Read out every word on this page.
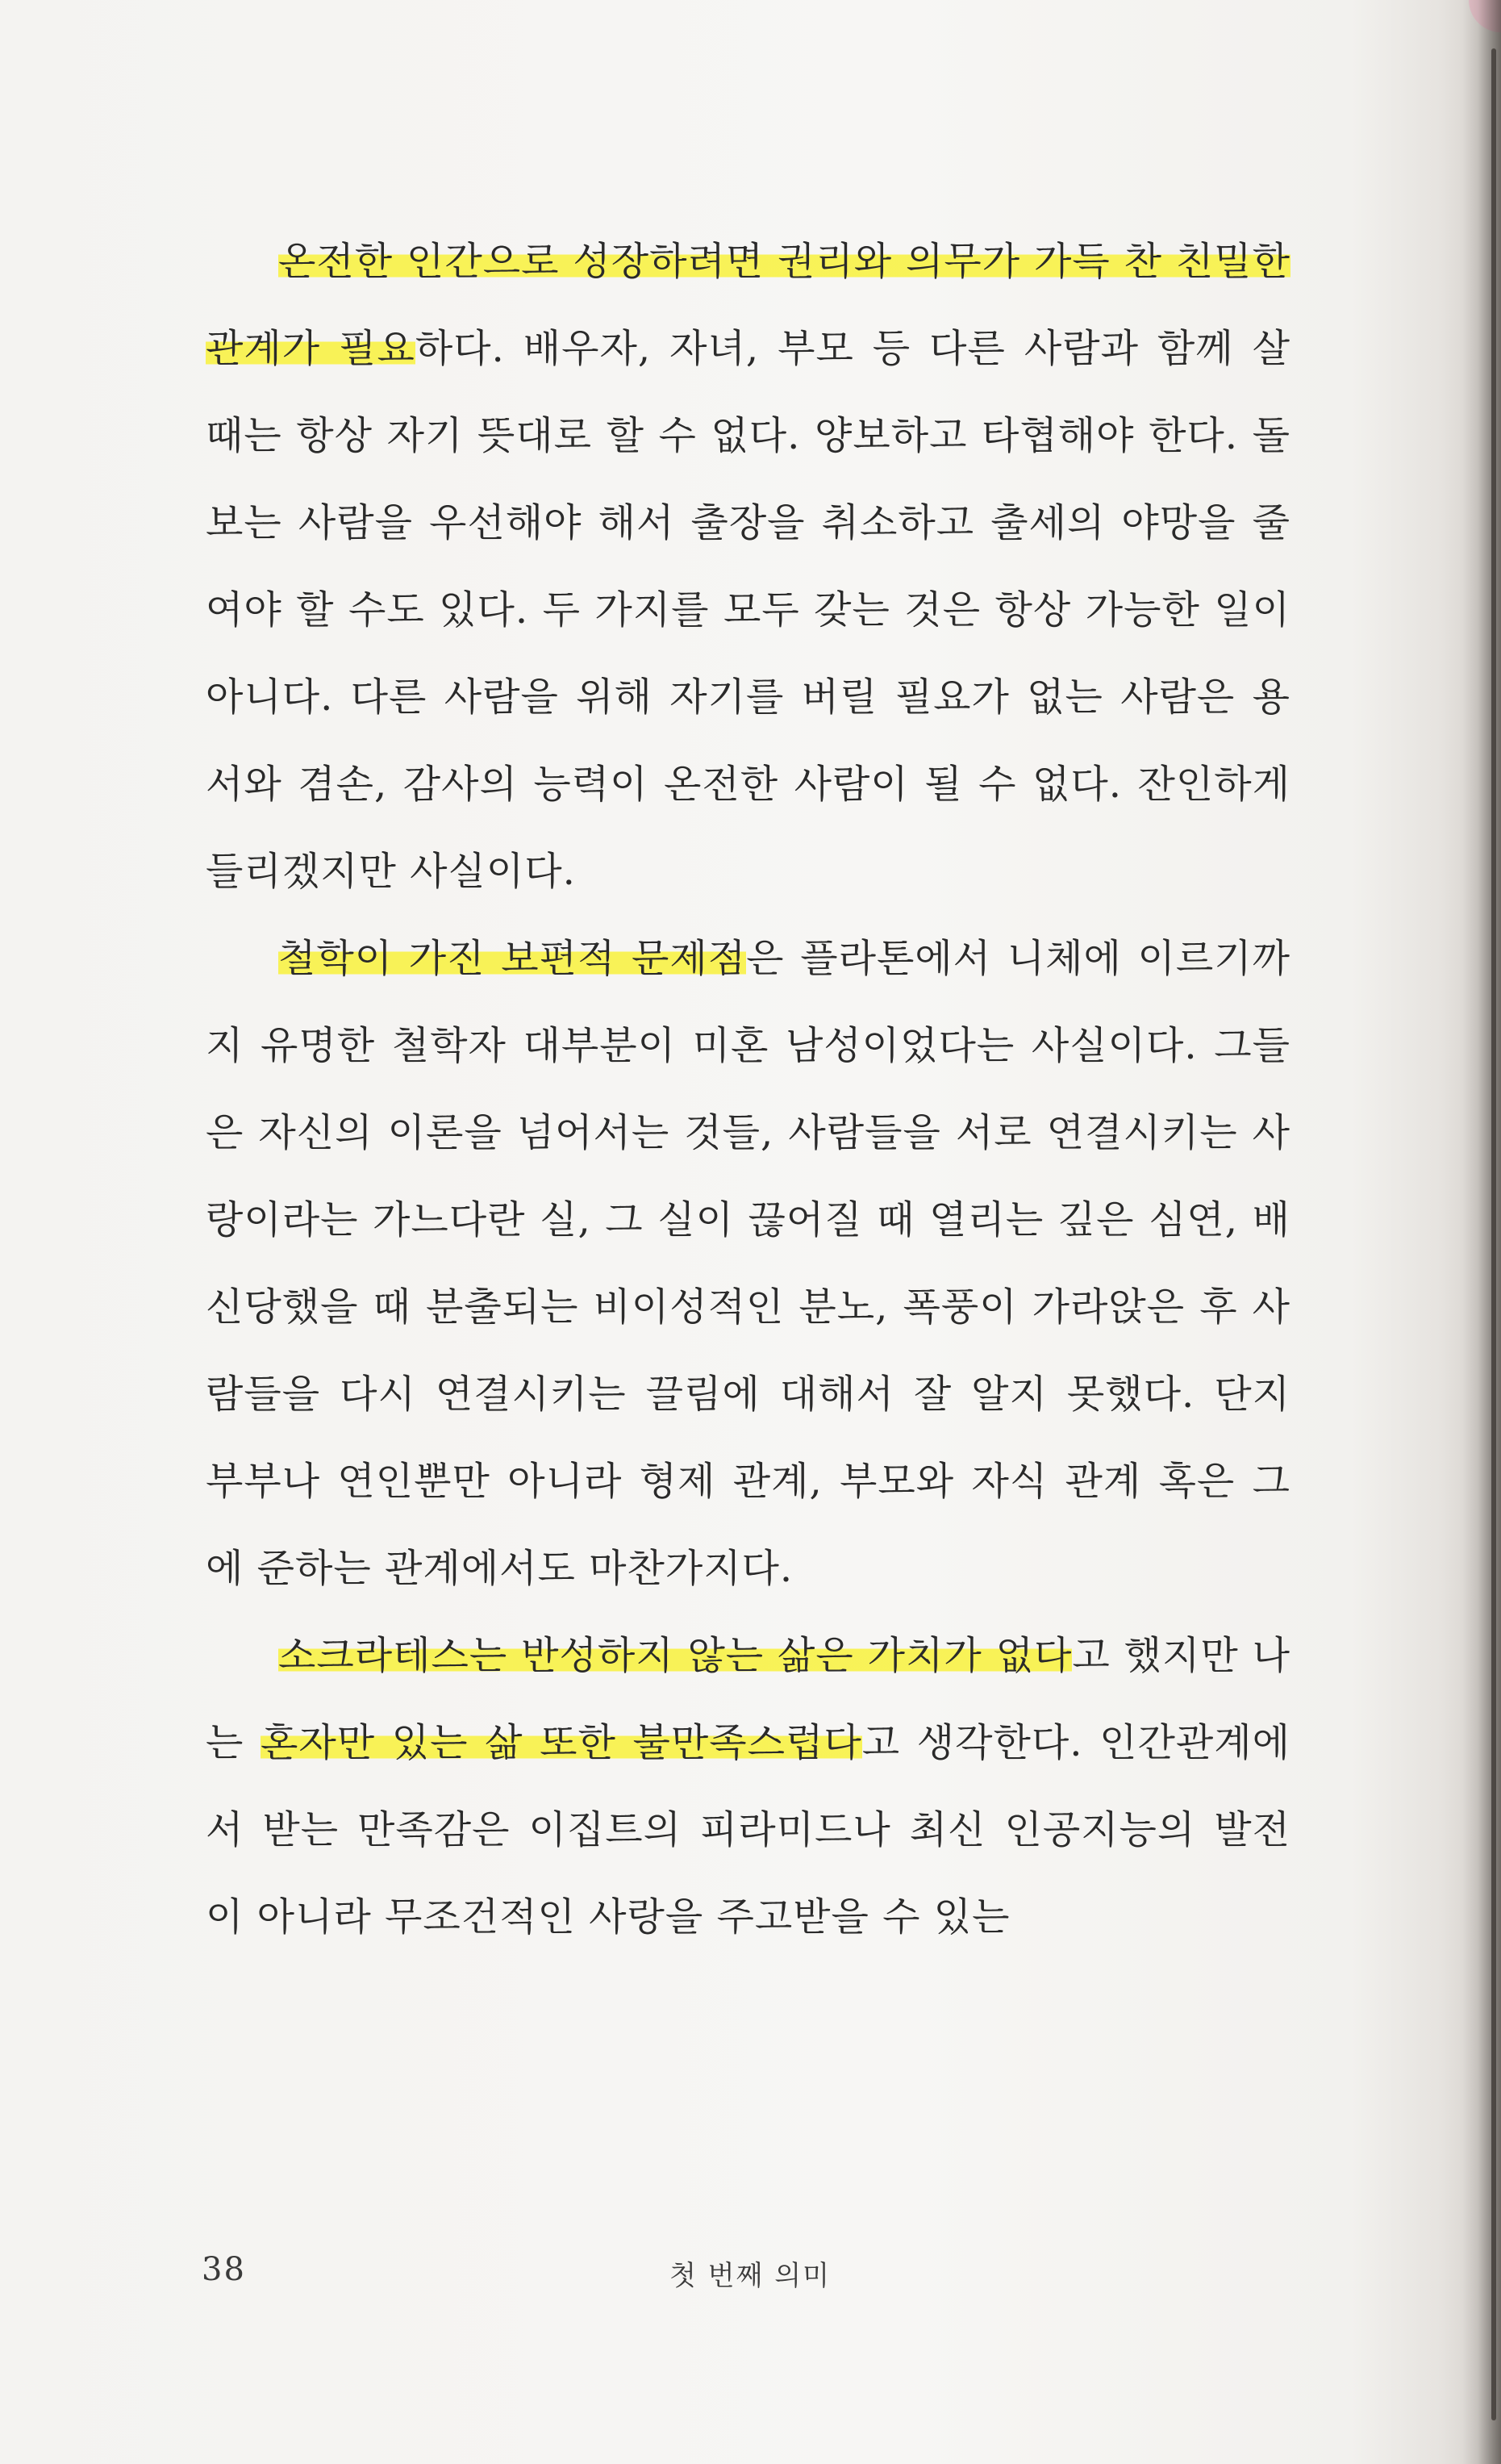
온전한 인간으로 성장하려면 권리와 의무가 가득 찬 친밀한 관계가 필요하다. 배우자, 자녀, 부모 등 다른 사람과 함께 살 때는 항상 자기 뜻대로 할 수 없다. 양보하고 타협해야 한다. 돌보는 사람을 우선해야 해서 출장을 취소하고 출세의 야망을 줄여야 할 수도 있다. 두 가지를 모두 갖는 것은 항상 가능한 일이 아니다. 다른 사람을 위해 자기를 버릴 필요가 없는 사람은 용서와 겸손, 감사의 능력이 온전한 사람이 될 수 없다. 잔인하게 들리겠지만 사실이다.

철학이 가진 보편적 문제점은 플라톤에서 니체에 이르기까지 유명한 철학자 대부분이 미혼 남성이었다는 사실이다. 그들은 자신의 이론을 넘어서는 것들, 사람들을 서로 연결시키는 사랑이라는 가느다란 실, 그 실이 끊어질 때 열리는 깊은 심연, 배신당했을 때 분출되는 비이성적인 분노, 폭풍이 가라앉은 후 사람들을 다시 연결시키는 끌림에 대해서 잘 알지 못했다. 단지 부부나 연인뿐만 아니라 형제 관계, 부모와 자식 관계 혹은 그에 준하는 관계에서도 마찬가지다.

소크라테스는 반성하지 않는 삶은 가치가 없다고 했지만 나는 혼자만 있는 삶 또한 불만족스럽다고 생각한다. 인간관계에서 받는 만족감은 이집트의 피라미드나 최신 인공지능의 발전이 아니라 무조건적인 사랑을 주고받을 수 있는

38	첫 번째 의미
